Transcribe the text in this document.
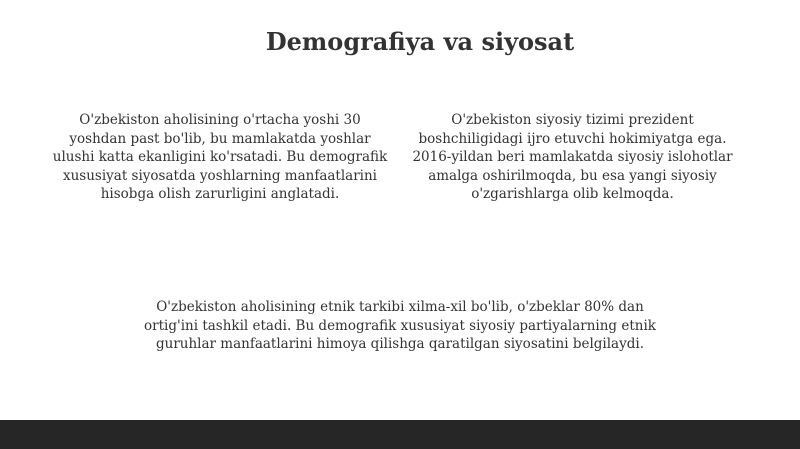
Demografiya va siyosat

O'zbekiston aholisining o'rtacha yoshi 30 yoshdan past bo'lib, bu mamlakatda yoshlar ulushi katta ekanligini ko'rsatadi. Bu demografik xususiyat siyosatda yoshlarning manfaatlarini hisobga olish zarurligini anglatadi.

O'zbekiston siyosiy tizimi prezident boshchiligidagi ijro etuvchi hokimiyatga ega. 2016-yildan beri mamlakatda siyosiy islohotlar amalga oshirilmoqda, bu esa yangi siyosiy o'zgarishlarga olib kelmoqda.

O'zbekiston aholisining etnik tarkibi xilma-xil bo'lib, o'zbeklar 80% dan ortig'ini tashkil etadi. Bu demografik xususiyat siyosiy partiyalarning etnik guruhlar manfaatlarini himoya qilishga qaratilgan siyosatini belgilaydi.
